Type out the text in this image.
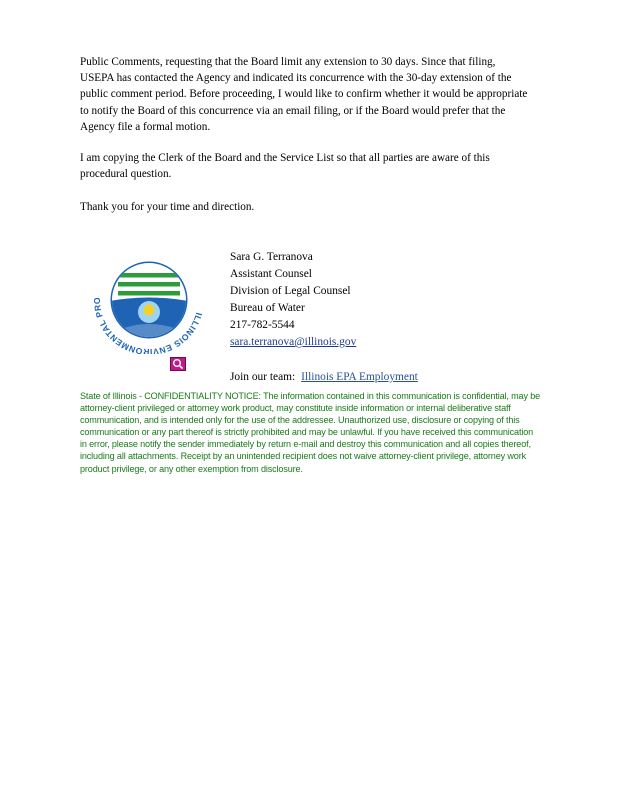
Public Comments, requesting that the Board limit any extension to 30 days. Since that filing, USEPA has contacted the Agency and indicated its concurrence with the 30-day extension of the public comment period. Before proceeding, I would like to confirm whether it would be appropriate to notify the Board of this concurrence via an email filing, or if the Board would prefer that the Agency file a formal motion.

I am copying the Clerk of the Board and the Service List so that all parties are aware of this procedural question.

Thank you for your time and direction.

ILLINOIS ENVIRONMENTAL PRO
Sara G. Terranova
Assistant Counsel
Division of Legal Counsel
Bureau of Water
217-782-5544
sara.terranova@illinois.gov
Join our team: Illinois EPA Employment

State of Illinois - CONFIDENTIALITY NOTICE: The information contained in this communication is confidential, may be attorney-client privileged or attorney work product, may constitute inside information or internal deliberative staff communication, and is intended only for the use of the addressee. Unauthorized use, disclosure or copying of this communication or any part thereof is strictly prohibited and may be unlawful. If you have received this communication in error, please notify the sender immediately by return e-mail and destroy this communication and all copies thereof, including all attachments. Receipt by an unintended recipient does not waive attorney-client privilege, attorney work product privilege, or any other exemption from disclosure.
